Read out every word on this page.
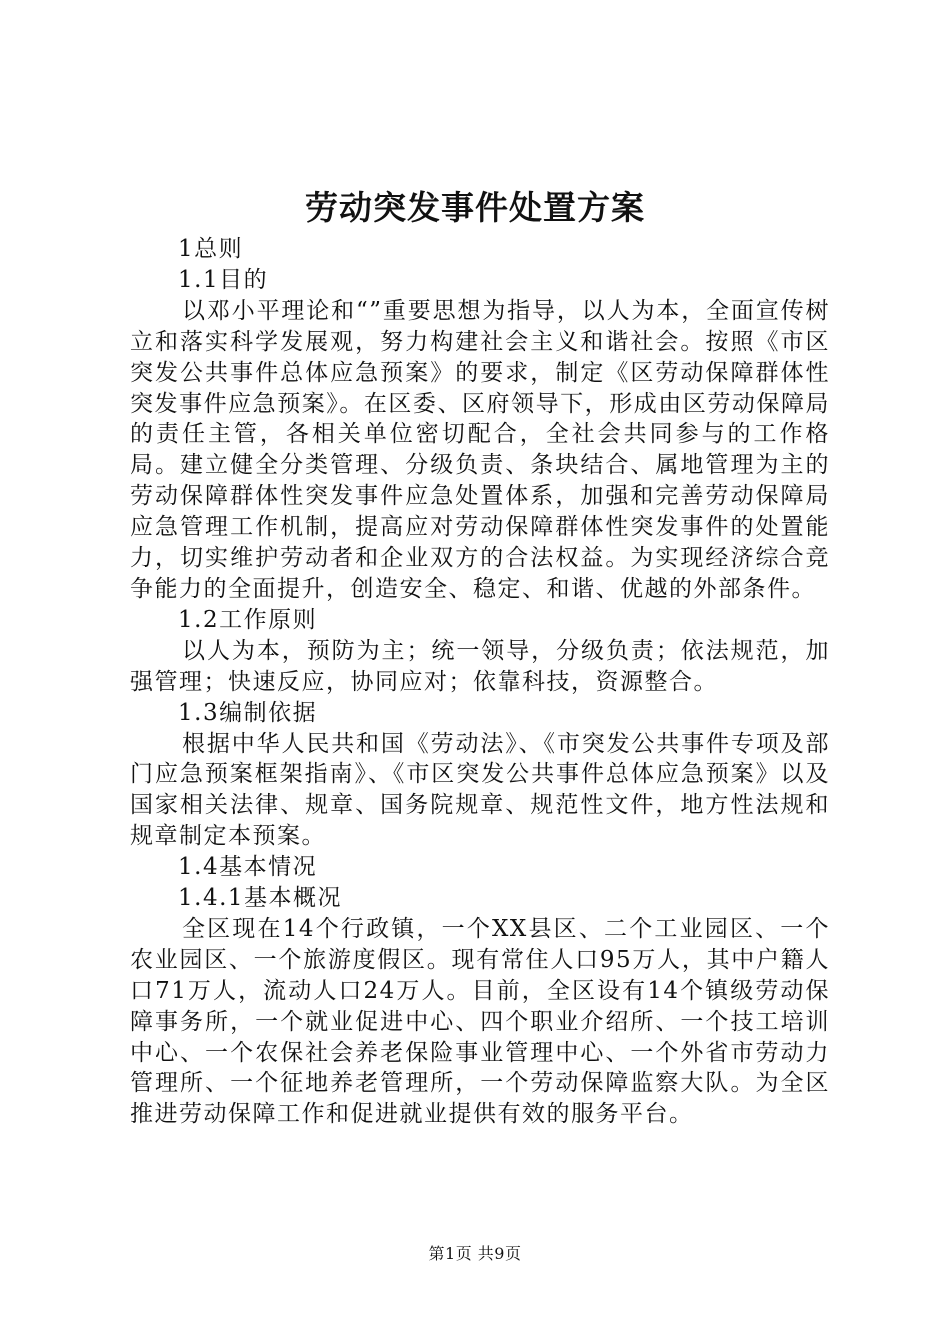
劳动突发事件处置方案

1总则

1.1目的

以邓小平理论和“”重要思想为指导，以人为本，全面宣传树立和落实科学发展观，努力构建社会主义和谐社会。按照《市区突发公共事件总体应急预案》的要求，制定《区劳动保障群体性突发事件应急预案》。在区委、区府领导下，形成由区劳动保障局的责任主管，各相关单位密切配合，全社会共同参与的工作格局。建立健全分类管理、分级负责、条块结合、属地管理为主的劳动保障群体性突发事件应急处置体系，加强和完善劳动保障局应急管理工作机制，提高应对劳动保障群体性突发事件的处置能力，切实维护劳动者和企业双方的合法权益。为实现经济综合竞争能力的全面提升，创造安全、稳定、和谐、优越的外部条件。

1.2工作原则

以人为本，预防为主；统一领导，分级负责；依法规范，加强管理；快速反应，协同应对；依靠科技，资源整合。

1.3编制依据

根据中华人民共和国《劳动法》、《市突发公共事件专项及部门应急预案框架指南》、《市区突发公共事件总体应急预案》以及国家相关法律、规章、国务院规章、规范性文件，地方性法规和规章制定本预案。

1.4基本情况

1.4.1基本概况

全区现在14个行政镇，一个XX县区、二个工业园区、一个农业园区、一个旅游度假区。现有常住人口95万人，其中户籍人口71万人，流动人口24万人。目前，全区设有14个镇级劳动保障事务所，一个就业促进中心、四个职业介绍所、一个技工培训中心、一个农保社会养老保险事业管理中心、一个外省市劳动力管理所、一个征地养老管理所，一个劳动保障监察大队。为全区推进劳动保障工作和促进就业提供有效的服务平台。

第1页 共9页
